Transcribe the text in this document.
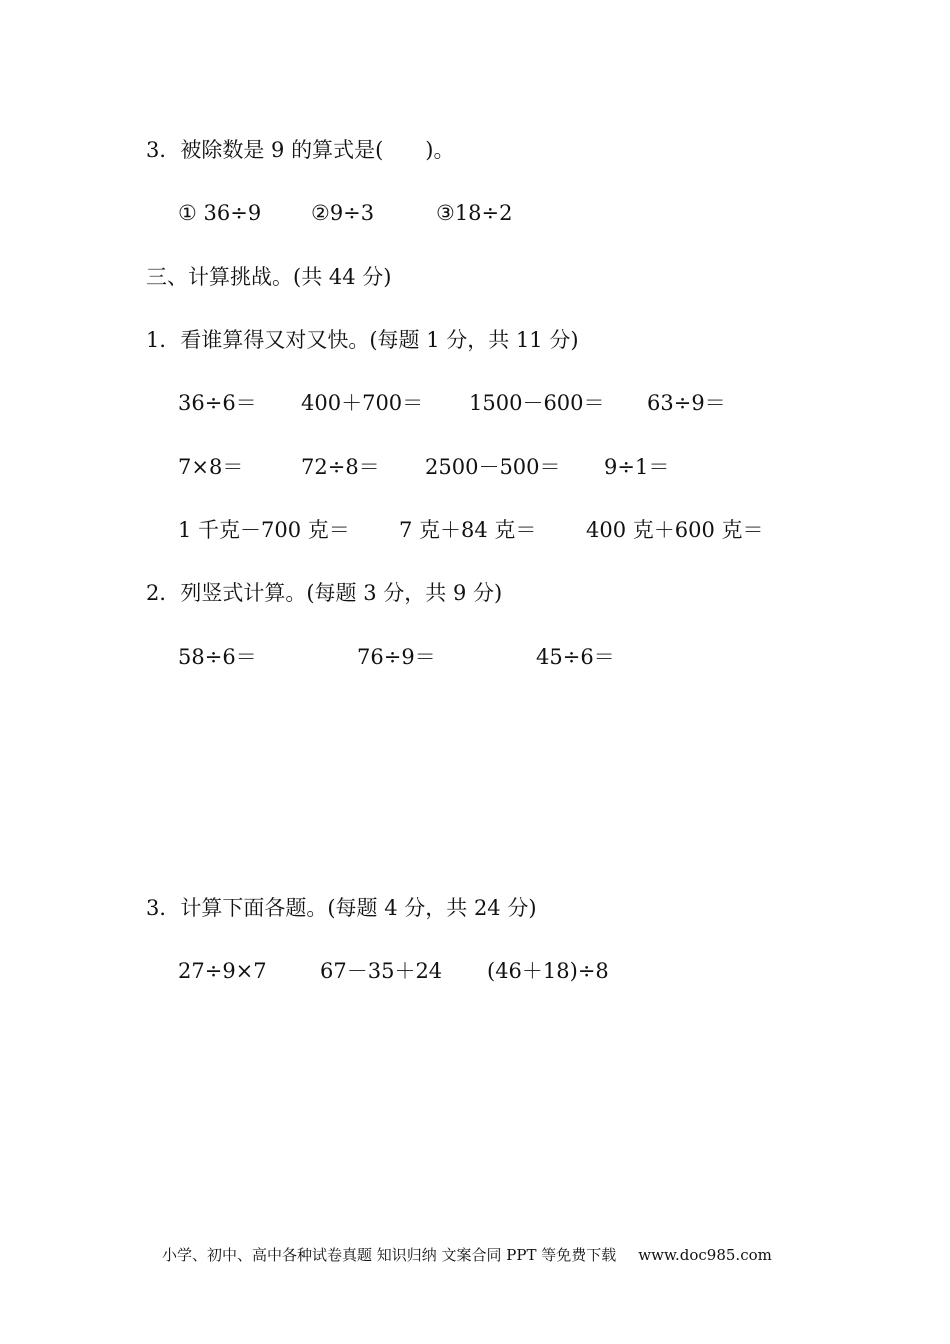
3．被除数是 9 的算式是(　　)。
① 36÷9 ②9÷3	③18÷2
三、计算挑战。(共 44 分)
1．看谁算得又对又快。(每题 1 分，共 11 分)
36÷6＝ 400＋700＝ 1500－600＝ 63÷9＝
7×8＝	72÷8＝ 2500－500＝ 9÷1＝
1 千克－700 克＝ 7 克＋84 克＝ 400 克＋600 克＝
2．列竖式计算。(每题 3 分，共 9 分)
58÷6＝	76÷9＝	45÷6＝
3．计算下面各题。(每题 4 分，共 24 分)
27÷9×7	67－35＋24 (46＋18)÷8
小学、初中、高中各种试卷真题 知识归纳 文案合同 PPT 等免费下载 www.doc985.com
